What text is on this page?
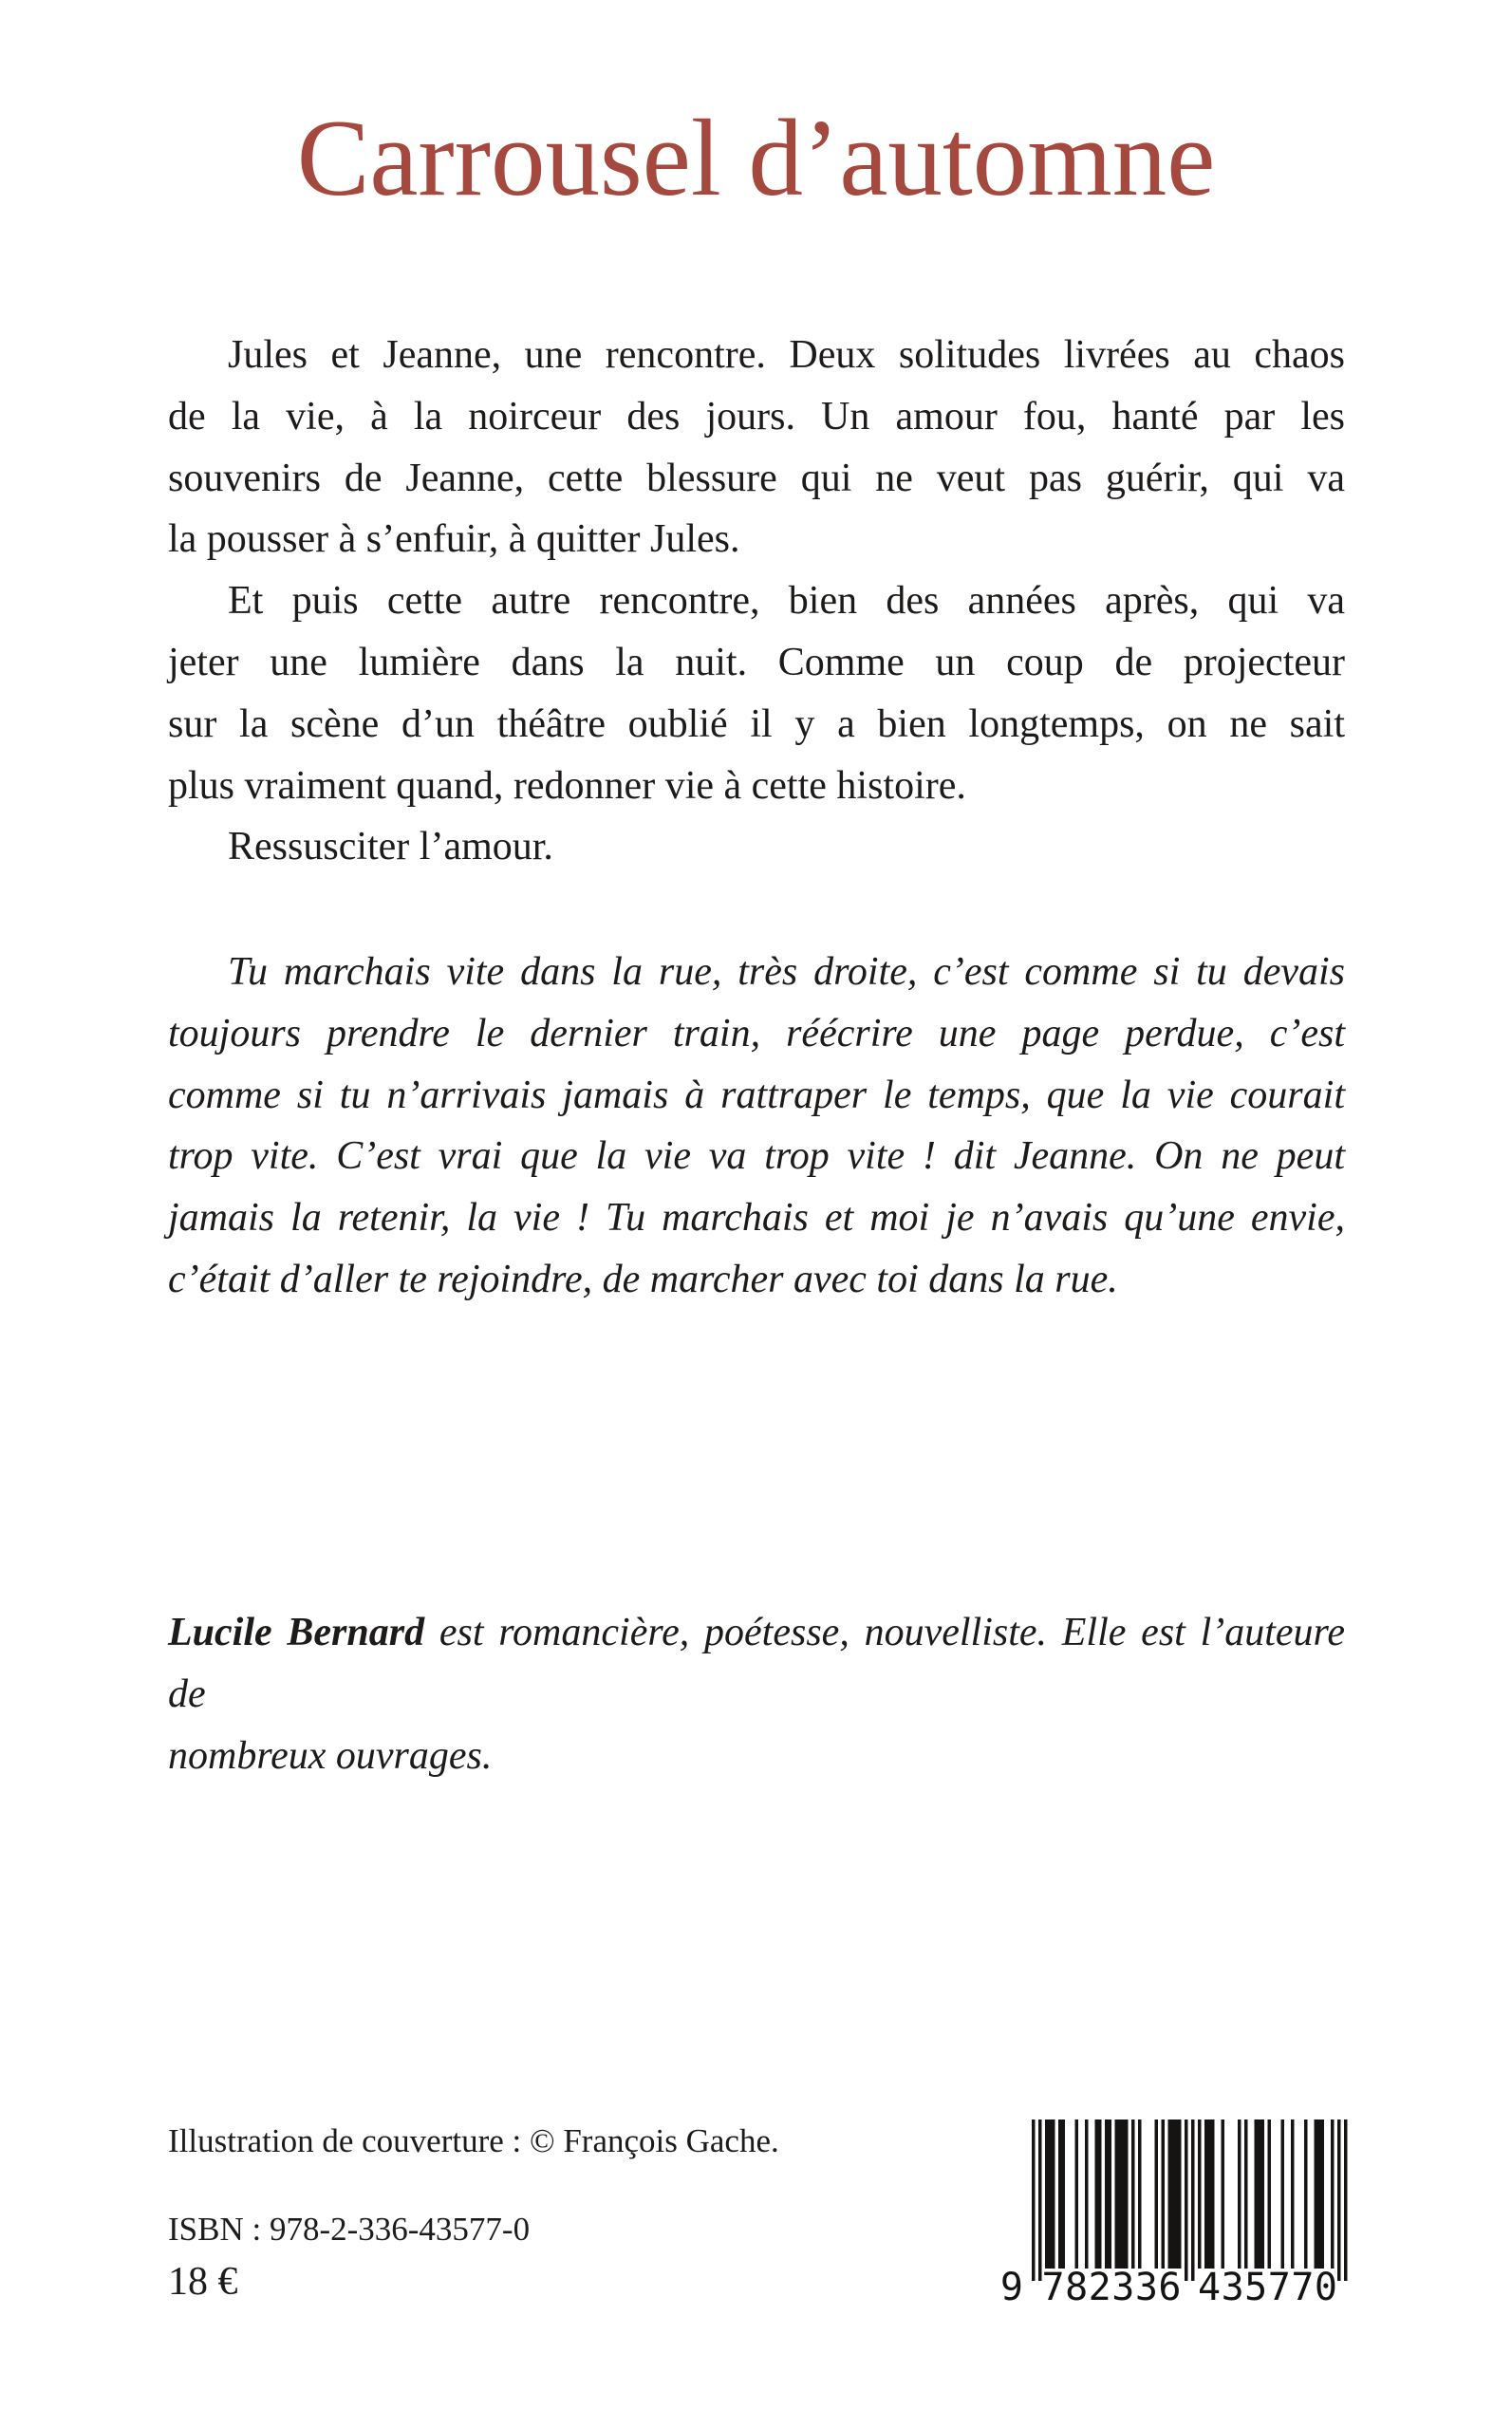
Carrousel d’automne
Jules et Jeanne, une rencontre. Deux solitudes livrées au chaos
de la vie, à la noirceur des jours. Un amour fou, hanté par les
souvenirs de Jeanne, cette blessure qui ne veut pas guérir, qui va
la pousser à s’enfuir, à quitter Jules.
Et puis cette autre rencontre, bien des années après, qui va
jeter une lumière dans la nuit. Comme un coup de projecteur
sur la scène d’un théâtre oublié il y a bien longtemps, on ne sait
plus vraiment quand, redonner vie à cette histoire.
Ressusciter l’amour.
Tu marchais vite dans la rue, très droite, c’est comme si tu devais
toujours prendre le dernier train, réécrire une page perdue, c’est
comme si tu n’arrivais jamais à rattraper le temps, que la vie courait
trop vite. C’est vrai que la vie va trop vite ! dit Jeanne. On ne peut
jamais la retenir, la vie ! Tu marchais et moi je n’avais qu’une envie,
c’était d’aller te rejoindre, de marcher avec toi dans la rue.
Lucile Bernard est romancière, poétesse, nouvelliste. Elle est l’auteure de
nombreux ouvrages.
Illustration de couverture : © François Gache.
ISBN : 978-2-336-43577-0
18 €	9 782336 435770
